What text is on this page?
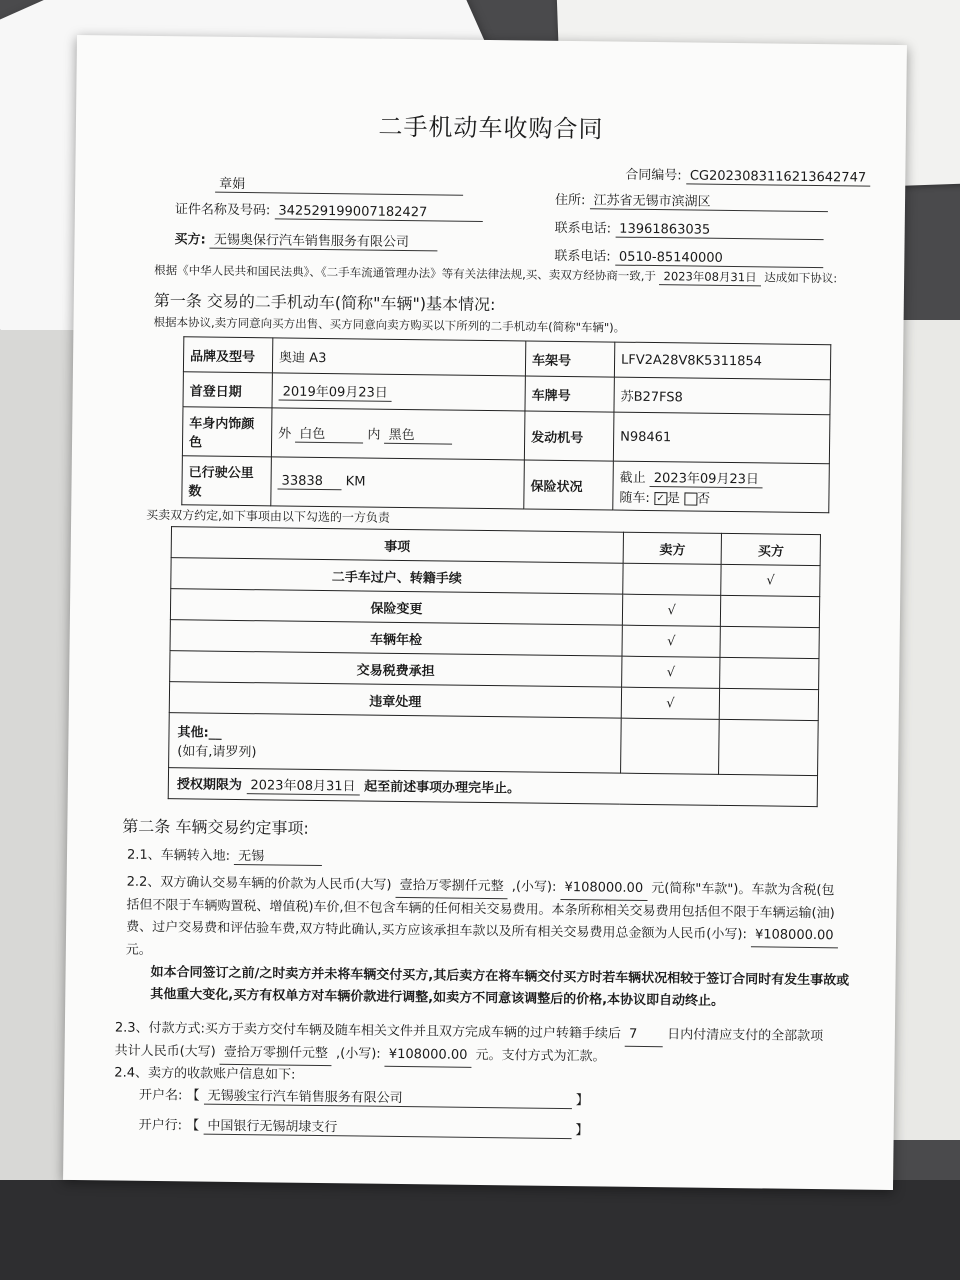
二手机动车收购合同
合同编号: CG2023083116213642747
章娟
住所: 江苏省无锡市滨湖区
证件名称及号码: 342529199007182427
联系电话: 13961863035
买方: 无锡奥保行汽车销售服务有限公司
联系电话: 0510-85140000
根据《中华人民共和国民法典》、《二手车流通管理办法》等有关法律法规,买、卖双方经协商一致,于 2023年08月31日 达成如下协议:
第一条 交易的二手机动车(简称"车辆")基本情况:
根据本协议,卖方同意向买方出售、买方同意向卖方购买以下所列的二手机动车(简称"车辆")。
品牌及型号	奥迪 A3	车架号	LFV2A28V8K5311854
首登日期	2019年09月23日	车牌号	苏B27FS8
车身内饰颜色	外 白色 内 黑色	发动机号	N98461
已行驶公里数	33838 KM	保险状况	截止 2023年09月23日
随车: ✓ 是 否
买卖双方约定,如下事项由以下勾选的一方负责
事项	卖方	买方
二手车过户、转籍手续		√
保险变更	√	
车辆年检	√	
交易税费承担	√	
违章处理	√	

其他:__
(如有,请罗列)		

授权期限为 2023年08月31日 起至前述事项办理完毕止。		
第二条 车辆交易约定事项:
2.1、车辆转入地: 无锡
2.2、双方确认交易车辆的价款为人民币(大写) 壹拾万零捌仟元整 ,(小写): ¥108000.00 元(简称"车款")。车款为含税(包括但不限于车辆购置税、增值税)车价,但不包含车辆的任何相关交易费用。本条所称相关交易费用包括但不限于车辆运输(油)费、过户交易费和评估验车费,双方特此确认,买方应该承担车款以及所有相关交易费用总金额为人民币(小写): ¥108000.00 元。
如本合同签订之前/之时卖方并未将车辆交付买方,其后卖方在将车辆交付买方时若车辆状况相较于签订合同时有发生事故或其他重大变化,买方有权单方对车辆价款进行调整,如卖方不同意该调整后的价格,本协议即自动终止。
2.3、付款方式:买方于卖方交付车辆及随车相关文件并且双方完成车辆的过户转籍手续后 7 日内付清应支付的全部款项共计人民币(大写) 壹拾万零捌仟元整 ,(小写): ¥108000.00 元。支付方式为汇款。
2.4、卖方的收款账户信息如下:
开户名: 【 无锡骏宝行汽车销售服务有限公司	】
开户行: 【 中国银行无锡胡埭支行	】
